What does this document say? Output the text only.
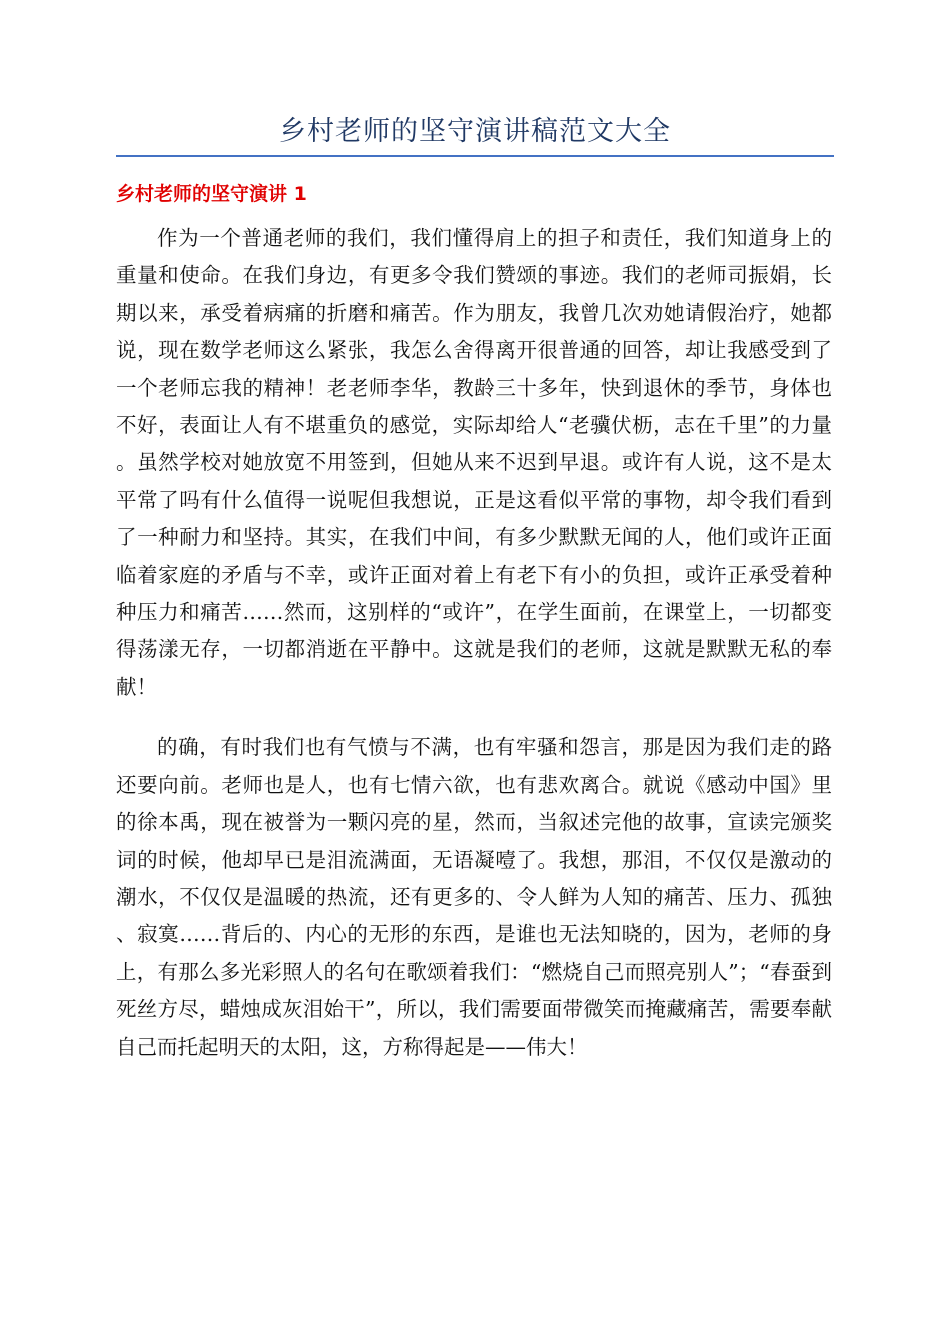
乡村老师的坚守演讲稿范文大全
乡村老师的坚守演讲 1

作为一个普通老师的我们，我们懂得肩上的担子和责任，我们知道身上的重量和使命。在我们身边，有更多令我们赞颂的事迹。我们的老师司振娟，长期以来，承受着病痛的折磨和痛苦。作为朋友，我曾几次劝她请假治疗，她都说，现在数学老师这么紧张，我怎么舍得离开很普通的回答，却让我感受到了一个老师忘我的精神！老老师李华，教龄三十多年，快到退休的季节，身体也不好，表面让人有不堪重负的感觉，实际却给人“老骥伏枥，志在千里”的力量。虽然学校对她放宽不用签到，但她从来不迟到早退。或许有人说，这不是太平常了吗有什么值得一说呢但我想说，正是这看似平常的事物，却令我们看到了一种耐力和坚持。其实，在我们中间，有多少默默无闻的人，他们或许正面临着家庭的矛盾与不幸，或许正面对着上有老下有小的负担，或许正承受着种种压力和痛苦……然而，这别样的“或许”，在学生面前，在课堂上，一切都变得荡漾无存，一切都消逝在平静中。这就是我们的老师，这就是默默无私的奉献！

的确，有时我们也有气愤与不满，也有牢骚和怨言，那是因为我们走的路还要向前。老师也是人，也有七情六欲，也有悲欢离合。就说《感动中国》里的徐本禹，现在被誉为一颗闪亮的星，然而，当叙述完他的故事，宣读完颁奖词的时候，他却早已是泪流满面，无语凝噎了。我想，那泪，不仅仅是激动的潮水，不仅仅是温暖的热流，还有更多的、令人鲜为人知的痛苦、压力、孤独、寂寞……背后的、内心的无形的东西，是谁也无法知晓的，因为，老师的身上，有那么多光彩照人的名句在歌颂着我们：“燃烧自己而照亮别人”；“春蚕到死丝方尽，蜡烛成灰泪始干”，所以，我们需要面带微笑而掩藏痛苦，需要奉献自己而托起明天的太阳，这，方称得起是——伟大！
